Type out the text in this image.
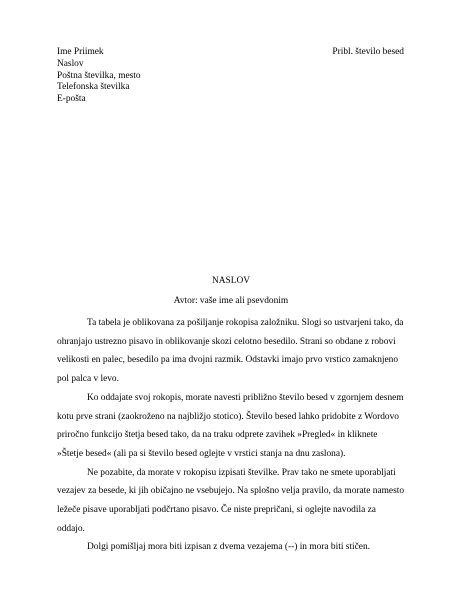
Ime Priimek
Naslov
Poštna številka, mesto
Telefonska številka
E-pošta
Pribl. število besed
NASLOV
Avtor: vaše ime ali psevdonim

Ta tabela je oblikovana za pošiljanje rokopisa založniku. Slogi so ustvarjeni tako, da ohranjajo ustrezno pisavo in oblikovanje skozi celotno besedilo. Strani so obdane z robovi velikosti en palec, besedilo pa ima dvojni razmik. Odstavki imajo prvo vrstico zamaknjeno pol palca v levo.

Ko oddajate svoj rokopis, morate navesti približno število besed v zgornjem desnem kotu prve strani (zaokroženo na najbližjo stotico). Število besed lahko pridobite z Wordovo priročno funkcijo štetja besed tako, da na traku odprete zavihek »Pregled« in kliknete »Štetje besed« (ali pa si število besed oglejte v vrstici stanja na dnu zaslona).

Ne pozabite, da morate v rokopisu izpisati številke. Prav tako ne smete uporabljati vezajev za besede, ki jih običajno ne vsebujejo. Na splošno velja pravilo, da morate namesto ležeče pisave uporabljati podčrtano pisavo. Če niste prepričani, si oglejte navodila za oddajo.

Dolgi pomišljaj mora biti izpisan z dvema vezajema (--) in mora biti stičen.
